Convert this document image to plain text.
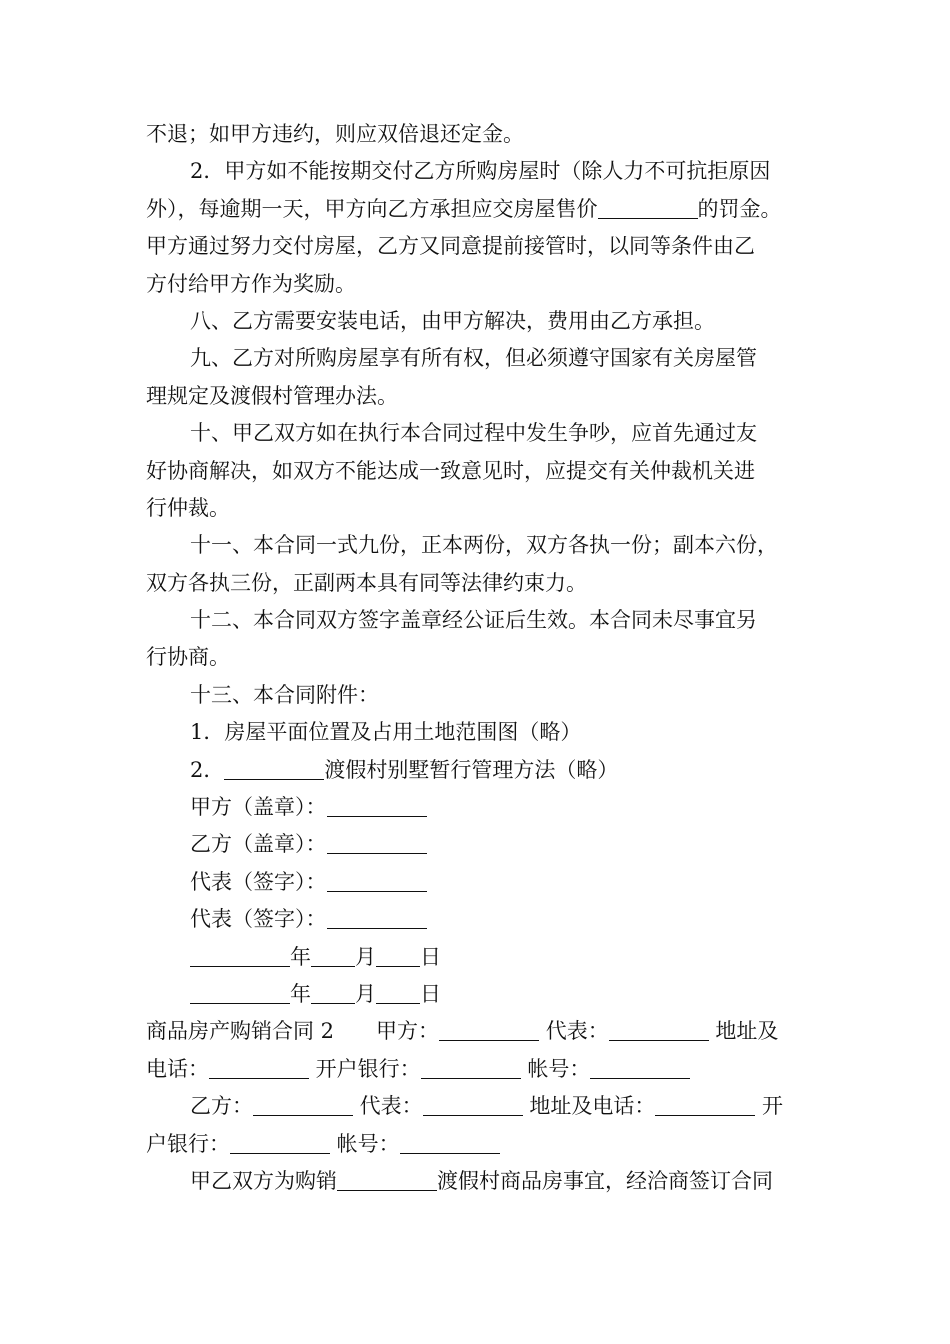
不退；如甲方违约，则应双倍退还定金。
2．甲方如不能按期交付乙方所购房屋时（除人力不可抗拒原因
外），每逾期一天，甲方向乙方承担应交房屋售价	的罚金。
甲方通过努力交付房屋，乙方又同意提前接管时，以同等条件由乙
方付给甲方作为奖励。
八、乙方需要安装电话，由甲方解决，费用由乙方承担。
九、乙方对所购房屋享有所有权，但必须遵守国家有关房屋管
理规定及渡假村管理办法。
十、甲乙双方如在执行本合同过程中发生争吵，应首先通过友
好协商解决，如双方不能达成一致意见时，应提交有关仲裁机关进
行仲裁。
十一、本合同一式九份，正本两份，双方各执一份；副本六份，
双方各执三份，正副两本具有同等法律约束力。
十二、本合同双方签字盖章经公证后生效。本合同未尽事宜另
行协商。
十三、本合同附件：
1．房屋平面位置及占用土地范围图（略）
2．	渡假村别墅暂行管理方法（略）
甲方（盖章）：
乙方（盖章）：
代表（签字）：
代表（签字）：
年 月 日
年 月 日
商品房产购销合同 2　　甲方：	代表：	地址及
电话：	开户银行：	帐号：
乙方：	代表：	地址及电话：	开
户银行：	帐号：
甲乙双方为购销	渡假村商品房事宜，经洽商签订合同
